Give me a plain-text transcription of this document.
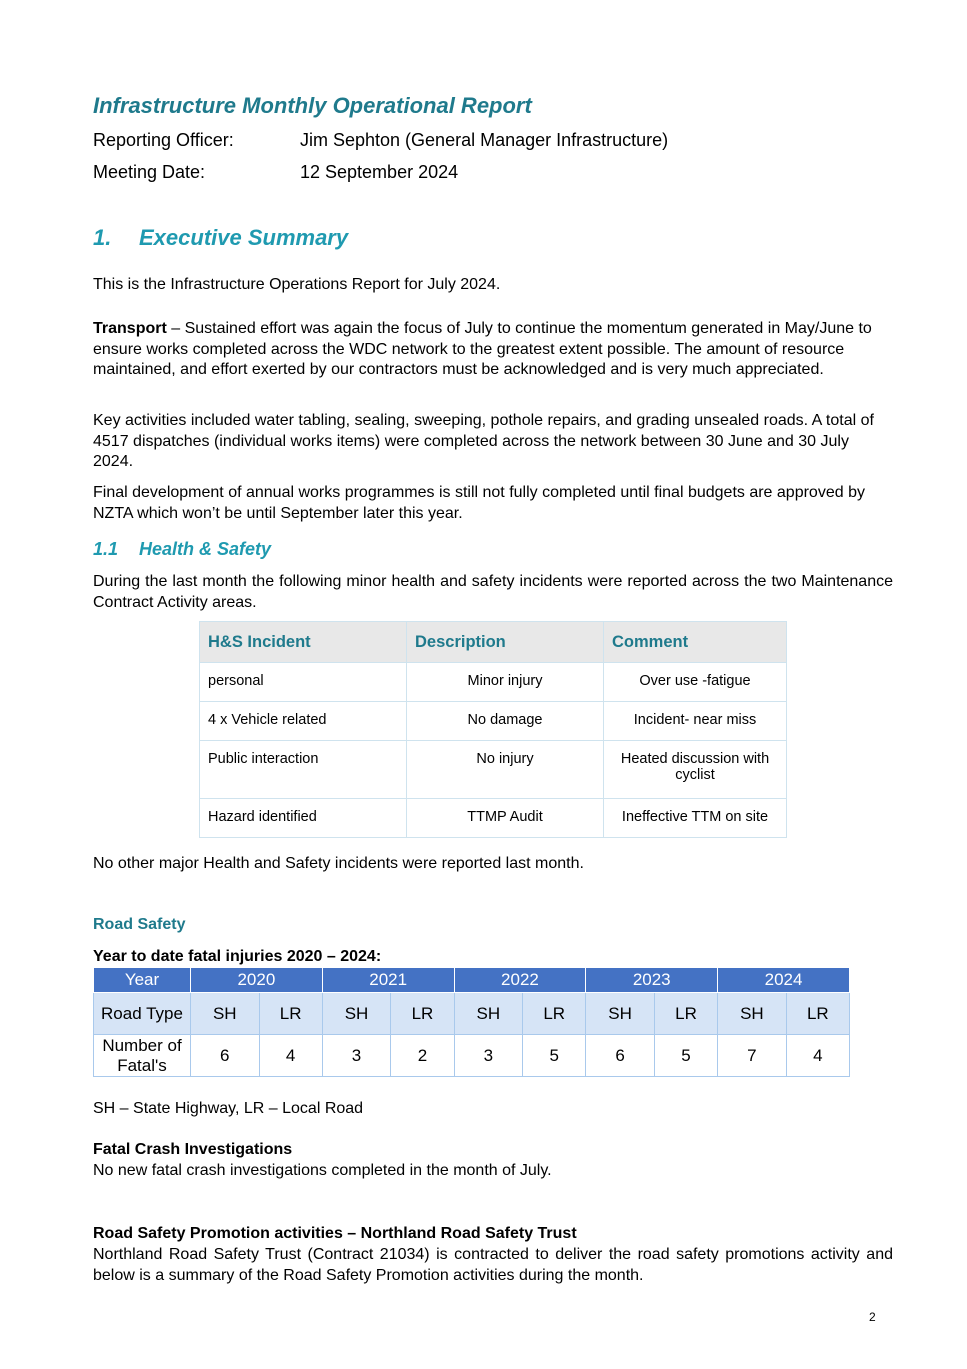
Infrastructure Monthly Operational Report
Reporting Officer:	Jim Sephton (General Manager Infrastructure)
Meeting Date:	12 September 2024
1. Executive Summary
This is the Infrastructure Operations Report for July 2024.
Transport – Sustained effort was again the focus of July to continue the momentum generated in May/June to ensure works completed across the WDC network to the greatest extent possible. The amount of resource maintained, and effort exerted by our contractors must be acknowledged and is very much appreciated.
Key activities included water tabling, sealing, sweeping, pothole repairs, and grading unsealed roads. A total of 4517 dispatches (individual works items) were completed across the network between 30 June and 30 July 2024.
Final development of annual works programmes is still not fully completed until final budgets are approved by NZTA which won’t be until September later this year.
1.1 Health & Safety
During the last month the following minor health and safety incidents were reported across the two Maintenance Contract Activity areas.
H&S Incident	Description	Comment
personal	Minor injury	Over use -fatigue
4 x Vehicle related	No damage	Incident- near miss
Public interaction	No injury	Heated discussion with cyclist
Hazard identified	TTMP Audit	Ineffective TTM on site
No other major Health and Safety incidents were reported last month.
Road Safety
Year to date fatal injuries 2020 – 2024:
Year	2020		2021		2022		2023		2024	
Road Type	SH	LR	SH	LR	SH	LR	SH	LR	SH	LR
Number of Fatal's	6	4	3	2	3	5	6	5	7	4
SH – State Highway, LR – Local Road
Fatal Crash Investigations
No new fatal crash investigations completed in the month of July.
Road Safety Promotion activities – Northland Road Safety Trust
Northland Road Safety Trust (Contract 21034) is contracted to deliver the road safety promotions activity and below is a summary of the Road Safety Promotion activities during the month.
2
